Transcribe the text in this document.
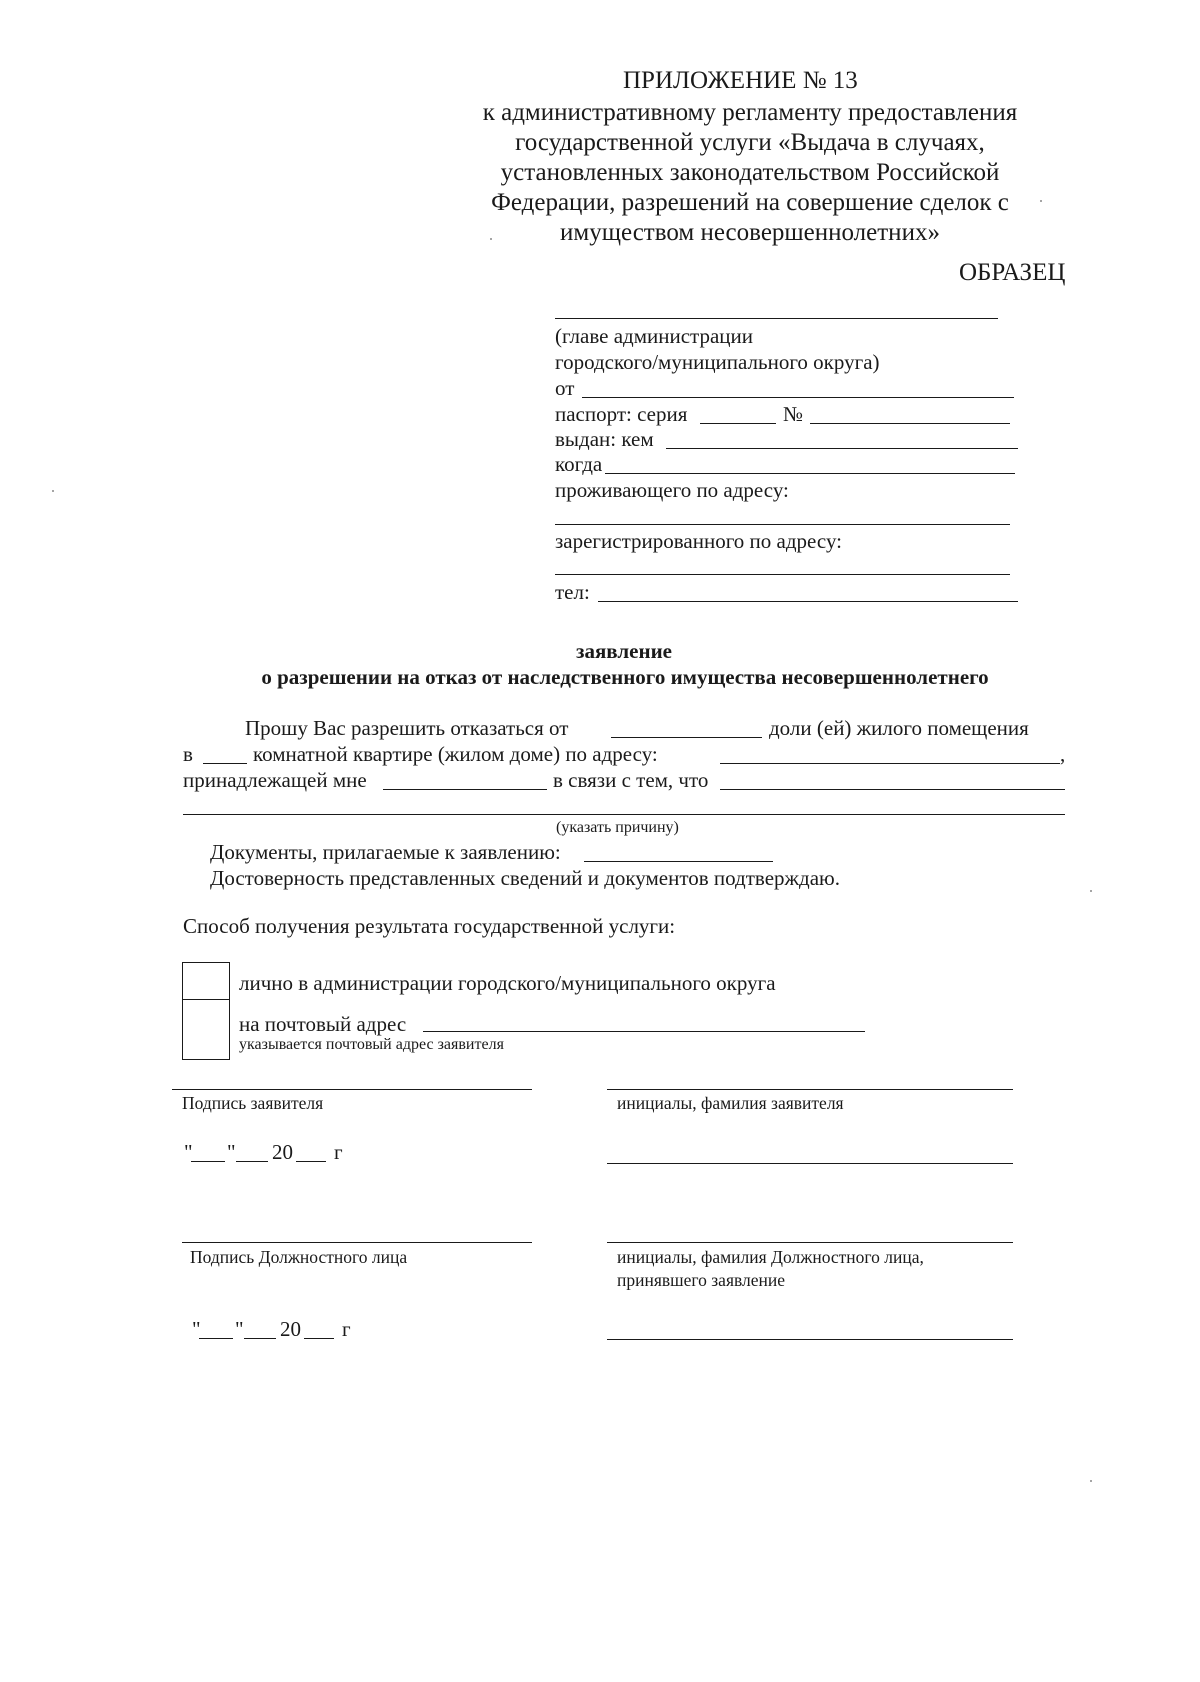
ПРИЛОЖЕНИЕ № 13
к административному регламенту предоставления
государственной услуги «Выдача в случаях,
установленных законодательством Российской
Федерации, разрешений на совершение сделок с
имуществом несовершеннолетних»
ОБРАЗЕЦ
(главе администрации
городского/муниципального округа)
от
паспорт: серия	№
выдан: кем
когда
проживающего по адресу:
зарегистрированного по адресу:
тел:
заявление
о разрешении на отказ от наследственного имущества несовершеннолетнего
Прошу Вас разрешить отказаться от	доли (ей) жилого помещения
в	комнатной квартире (жилом доме) по адресу:	,
принадлежащей мне	в связи с тем, что
(указать причину)
Документы, прилагаемые к заявлению:
Достоверность представленных сведений и документов подтверждаю.
Способ получения результата государственной услуги:
лично в администрации городского/муниципального округа
на почтовый адрес
указывается почтовый адрес заявителя
Подпись заявителя	инициалы, фамилия заявителя
" " 20 г
Подпись Должностного лица	инициалы, фамилия Должностного лица,
принявшего заявление
" " 20 г
